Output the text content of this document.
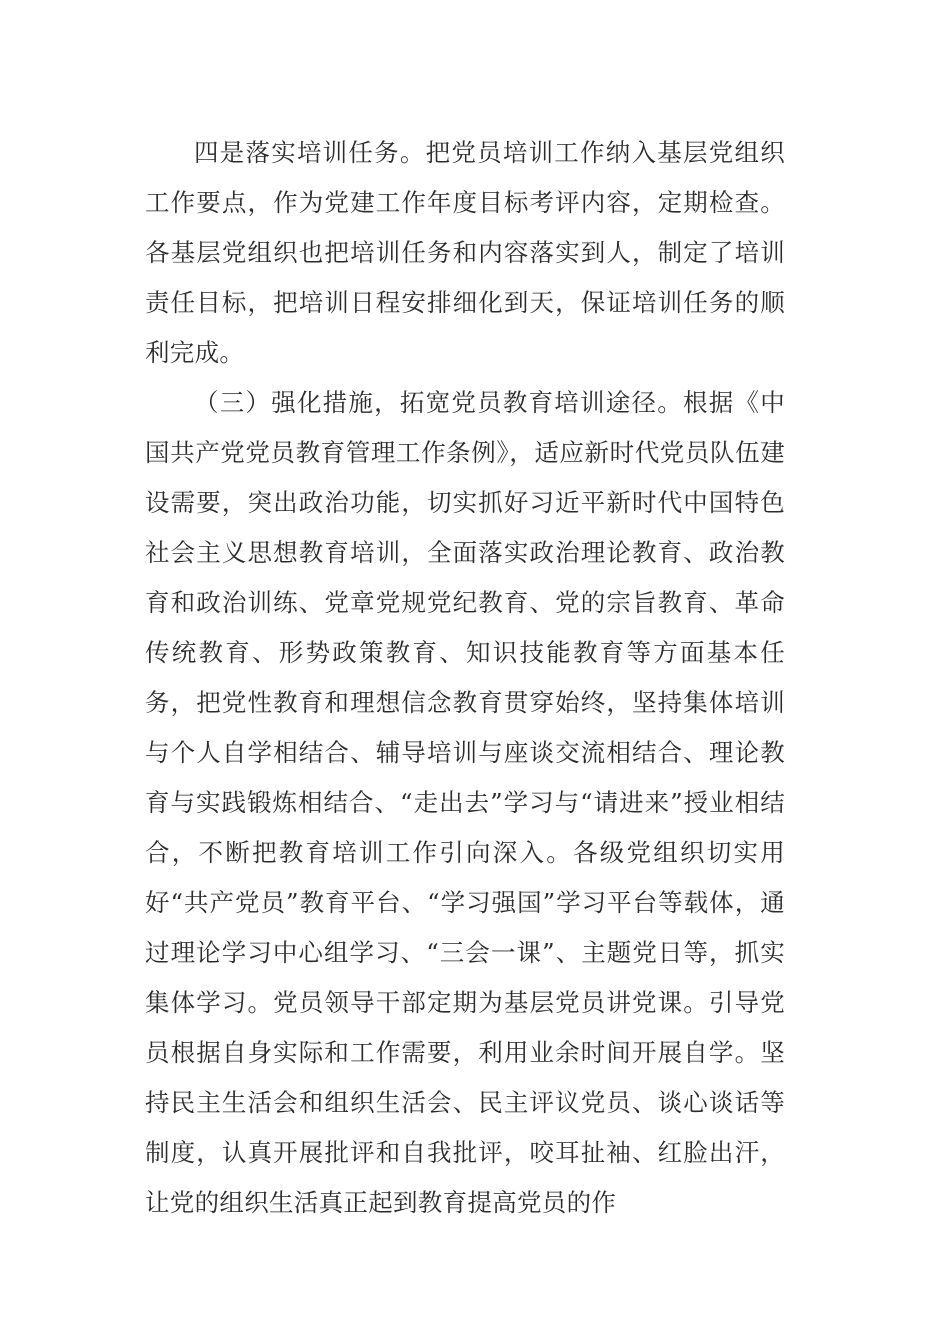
四是落实培训任务。把党员培训工作纳入基层党组织工作要点，作为党建工作年度目标考评内容，定期检查。各基层党组织也把培训任务和内容落实到人，制定了培训责任目标，把培训日程安排细化到天，保证培训任务的顺利完成。

（三）强化措施，拓宽党员教育培训途径。根据《中国共产党党员教育管理工作条例》，适应新时代党员队伍建设需要，突出政治功能，切实抓好习近平新时代中国特色社会主义思想教育培训，全面落实政治理论教育、政治教育和政治训练、党章党规党纪教育、党的宗旨教育、革命传统教育、形势政策教育、知识技能教育等方面基本任务，把党性教育和理想信念教育贯穿始终，坚持集体培训与个人自学相结合、辅导培训与座谈交流相结合、理论教育与实践锻炼相结合、“走出去”学习与“请进来”授业相结合，不断把教育培训工作引向深入。各级党组织切实用好“共产党员”教育平台、“学习强国”学习平台等载体，通过理论学习中心组学习、“三会一课”、主题党日等，抓实集体学习。党员领导干部定期为基层党员讲党课。引导党员根据自身实际和工作需要，利用业余时间开展自学。坚持民主生活会和组织生活会、民主评议党员、谈心谈话等制度，认真开展批评和自我批评，咬耳扯袖、红脸出汗，让党的组织生活真正起到教育提高党员的作
